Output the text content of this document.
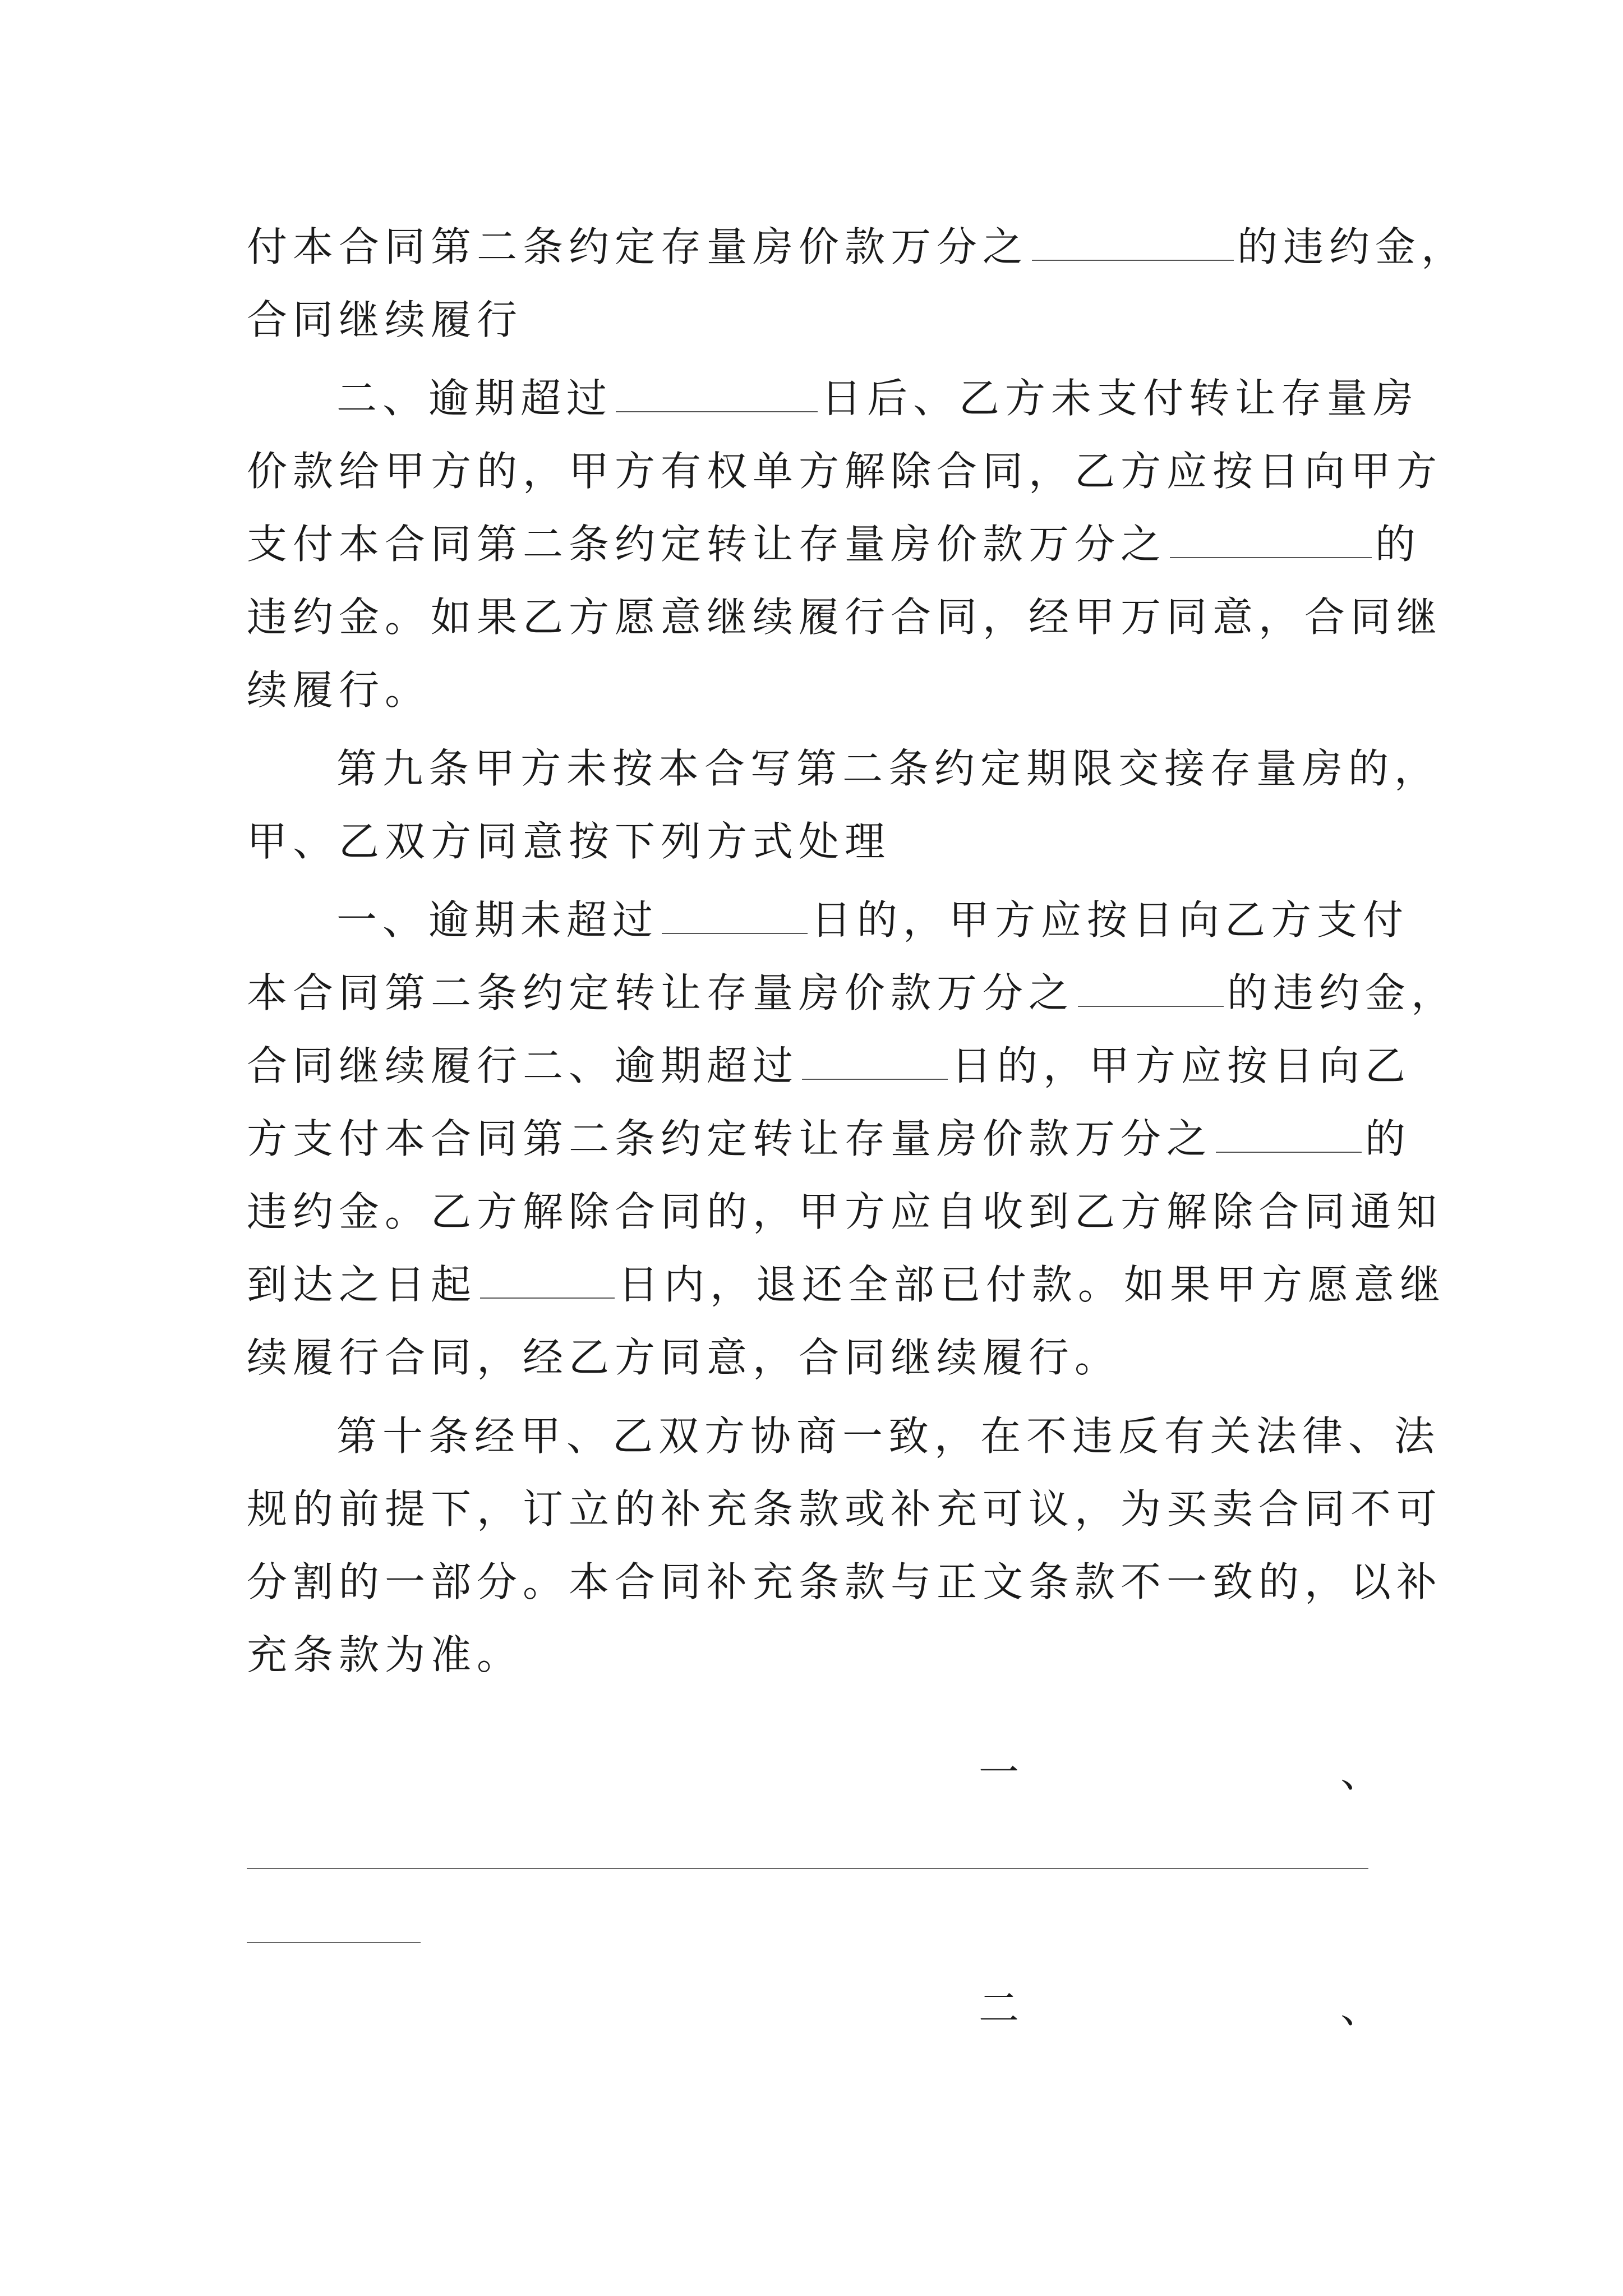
付本合同第二条约定存量房价款万分之	的违约金，
合同继续履行
二、逾期超过	日后、乙方未支付转让存量房
价款给甲方的，甲方有权单方解除合同，乙方应按日向甲方
支付本合同第二条约定转让存量房价款万分之	的
违约金。如果乙方愿意继续履行合同，经甲万同意，合同继
续履行。
第九条甲方未按本合写第二条约定期限交接存量房的，
甲、乙双方同意按下列方式处理
一、逾期未超过	日的，甲方应按日向乙方支付
本合同第二条约定转让存量房价款万分之	的违约金，
合同继续履行二、逾期超过	日的，甲方应按日向乙
方支付本合同第二条约定转让存量房价款万分之	的
违约金。乙方解除合同的，甲方应自收到乙方解除合同通知
到达之日起	日内，退还全部已付款。如果甲方愿意继
续履行合同，经乙方同意，合同继续履行。
第十条经甲、乙双方协商一致，在不违反有关法律、法
规的前提下，订立的补充条款或补充可议，为买卖合同不可
分割的一部分。本合同补充条款与正文条款不一致的，以补
充条款为准。
一	、
二	、
